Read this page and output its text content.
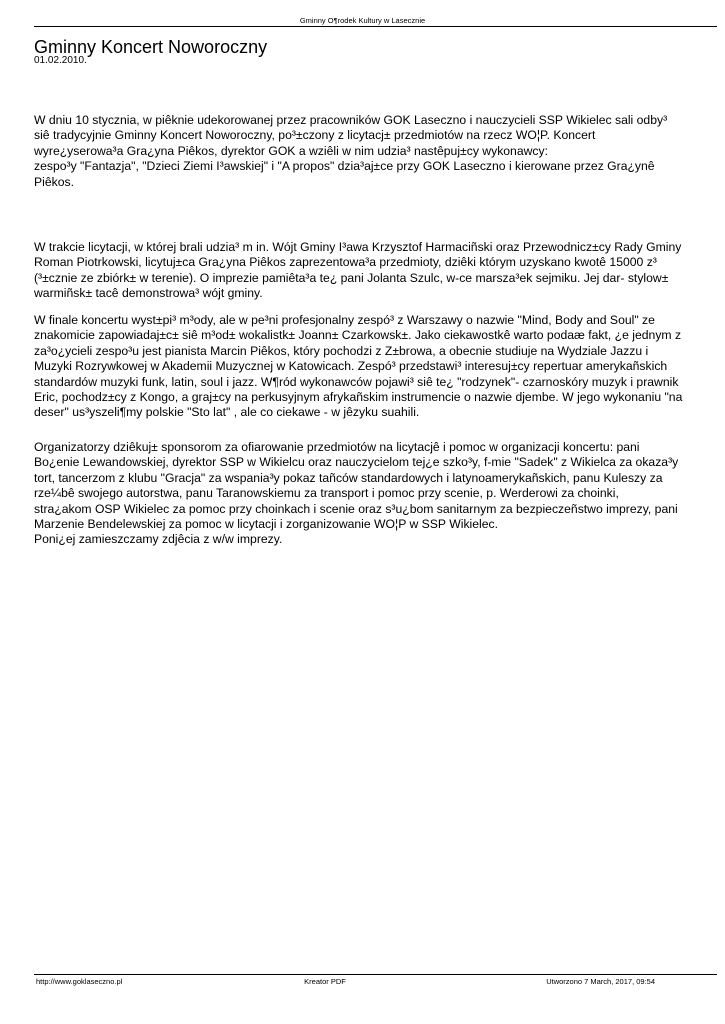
Gminny O¶rodek Kultury w Lasecznie
Gminny Koncert Noworoczny
01.02.2010.

W dniu 10 stycznia, w piêknie udekorowanej przez pracowników GOK Laseczno i nauczycieli SSP Wikielec sali odby³
siê tradycyjnie Gminny Koncert Noworoczny, po³±czony z licytacj± przedmiotów na rzecz WO¦P. Koncert
wyre¿yserowa³a Gra¿yna Piêkos, dyrektor GOK a wziêli w nim udzia³ nastêpuj±cy wykonawcy:
zespo³y "Fantazja", "Dzieci Ziemi I³awskiej" i "A propos" dzia³aj±ce przy GOK Laseczno i kierowane przez Gra¿ynê
Piêkos.

W trakcie licytacji, w której brali udzia³ m in. Wójt Gminy I³awa Krzysztof Harmaciñski oraz Przewodnicz±cy Rady Gminy
Roman Piotrkowski, licytuj±ca Gra¿yna Piêkos zaprezentowa³a przedmioty, dziêki którym uzyskano kwotê 15000 z³
(³±cznie ze zbiórk± w terenie). O imprezie pamiêta³a te¿ pani Jolanta Szulc, w-ce marsza³ek sejmiku. Jej dar- stylow±
warmiñsk± tacê demonstrowa³ wójt gminy.

W finale koncertu wyst±pi³ m³ody, ale w pe³ni profesjonalny zespó³ z Warszawy o nazwie "Mind, Body and Soul" ze
znakomicie zapowiadaj±c± siê m³od± wokalistk± Joann± Czarkowsk±. Jako ciekawostkê warto podaæ fakt, ¿e jednym z
za³o¿ycieli zespo³u jest pianista Marcin Piêkos, który pochodzi z Z±browa, a obecnie studiuje na Wydziale Jazzu i
Muzyki Rozrywkowej w Akademii Muzycznej w Katowicach. Zespó³ przedstawi³ interesuj±cy repertuar amerykañskich
standardów muzyki funk, latin, soul i jazz. W¶ród wykonawców pojawi³ siê te¿ "rodzynek"- czarnoskóry muzyk i prawnik
Eric, pochodz±cy z Kongo, a graj±cy na perkusyjnym afrykañskim instrumencie o nazwie djembe. W jego wykonaniu "na
deser" us³yszeli¶my polskie "Sto lat" , ale co ciekawe - w jêzyku suahili.

Organizatorzy dziêkuj± sponsorom za ofiarowanie przedmiotów na licytacjê i pomoc w organizacji koncertu: pani
Bo¿enie Lewandowskiej, dyrektor SSP w Wikielcu oraz nauczycielom tej¿e szko³y, f-mie "Sadek" z Wikielca za okaza³y
tort, tancerzom z klubu "Gracja" za wspania³y pokaz tañców standardowych i latynoamerykañskich, panu Kuleszy za
rze¼bê swojego autorstwa, panu Taranowskiemu za transport i pomoc przy scenie, p. Werderowi za choinki,
stra¿akom OSP Wikielec za pomoc przy choinkach i scenie oraz s³u¿bom sanitarnym za bezpieczeñstwo imprezy, pani
Marzenie Bendelewskiej za pomoc w licytacji i zorganizowanie WO¦P w SSP Wikielec.
Poni¿ej zamieszczamy zdjêcia z w/w imprezy.

http://www.goklaseczno.pl	Kreator PDF	Utworzono 7 March, 2017, 09:54
